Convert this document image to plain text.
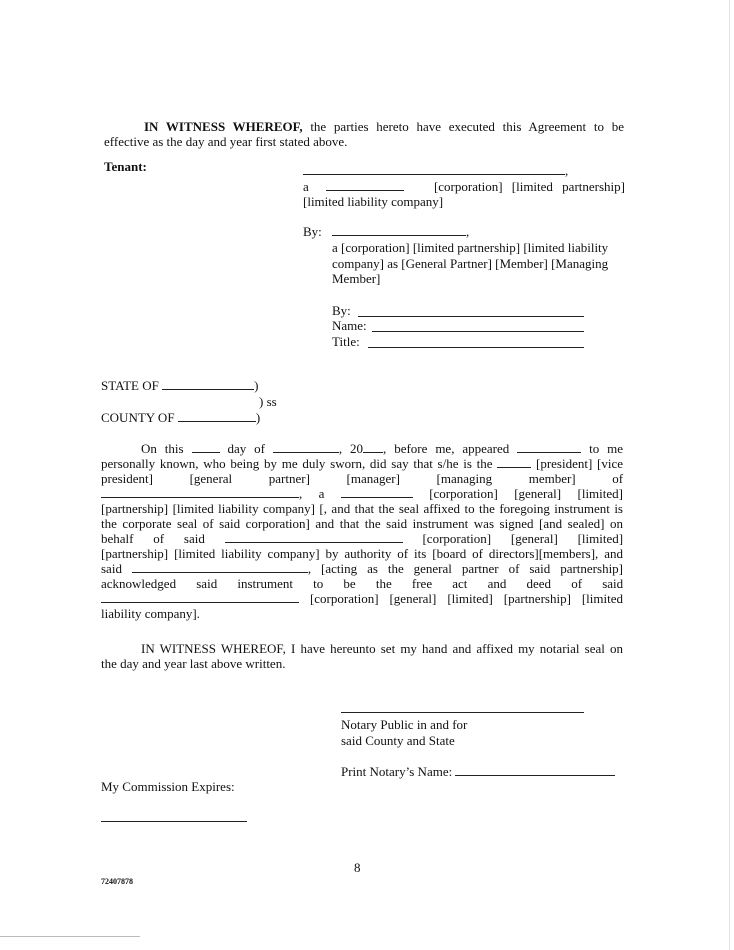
IN WITNESS WHEREOF, the parties hereto have executed this Agreement to be
effective as the day and year first stated above.
Tenant:	,
a	[corporation] [limited partnership]
[limited liability company]
By:	,
a [corporation] [limited partnership] [limited liability
company] as [General Partner] [Member] [Managing
Member]
By:
Name:
Title:
STATE OF	)
) ss
COUNTY OF	)
On this	day of	, 20 , before me, appeared	to me
personally known, who being by me duly sworn, did say that s/he is the	[president] [vice
president]	[general	partner]	[manager]	[managing	member]	of
, a	[corporation] [general] [limited]
[partnership] [limited liability company] [, and that the seal affixed to the foregoing instrument is
the corporate seal of said corporation] and that the said instrument was signed [and sealed] on
behalf of said	[corporation] [general] [limited]
[partnership] [limited liability company] by authority of its [board of directors][members], and
said	, [acting as the general partner of said partnership]
acknowledged said instrument to be the free act and deed of said
[corporation] [general] [limited] [partnership] [limited
liability company].
IN WITNESS WHEREOF, I have hereunto set my hand and affixed my notarial seal on
the day and year last above written.
Notary Public in and for
said County and State
Print Notary’s Name:
My Commission Expires:
8
72407878
